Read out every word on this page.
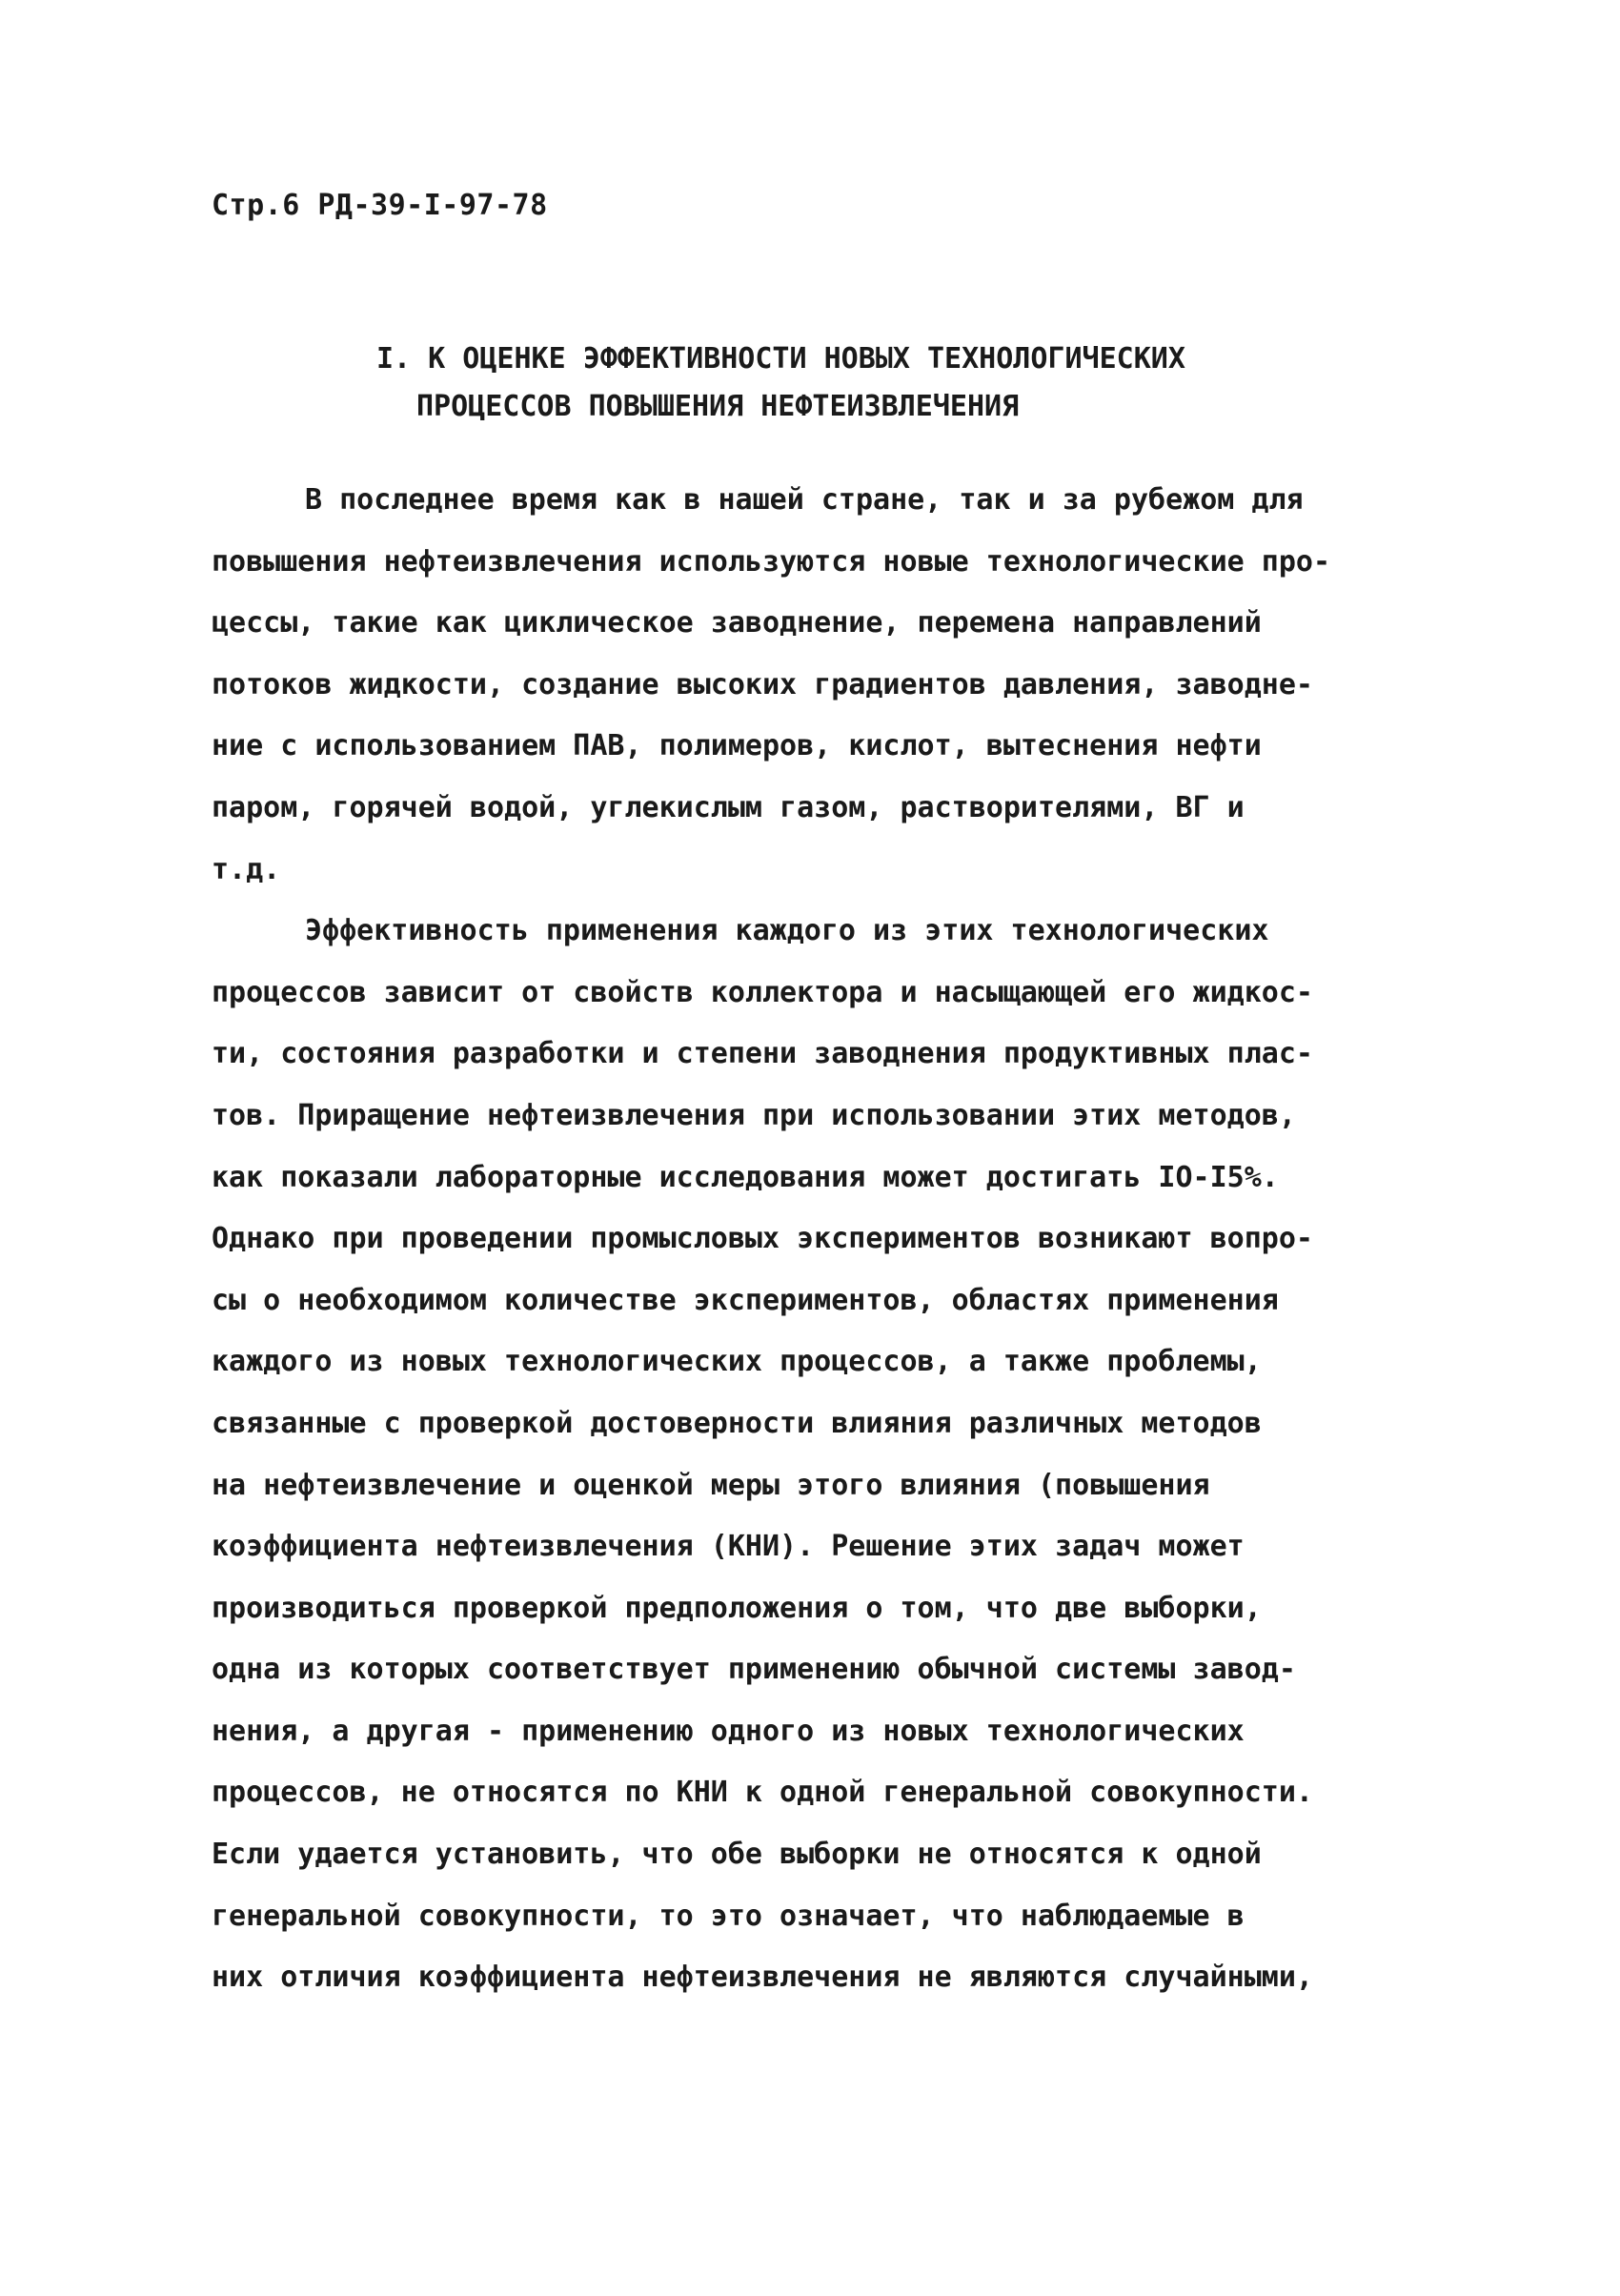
Стр.6 РД-39-I-97-78
I. К ОЦЕНКЕ ЭФФЕКТИВНОСТИ НОВЫХ ТЕХНОЛОГИЧЕСКИХ
ПРОЦЕССОВ ПОВЫШЕНИЯ НЕФТЕИЗВЛЕЧЕНИЯ
В последнее время как в нашей стране, так и за рубежом для
повышения нефтеизвлечения используются новые технологические про-
цессы, такие как циклическое заводнение, перемена направлений
потоков жидкости, создание высоких градиентов давления, заводне-
ние с использованием ПАВ, полимеров, кислот, вытеснения нефти
паром, горячей водой, углекислым газом, растворителями, ВГ и
т.д.
Эффективность применения каждого из этих технологических
процессов зависит от свойств коллектора и насыщающей его жидкос-
ти, состояния разработки и степени заводнения продуктивных плас-
тов. Приращение нефтеизвлечения при использовании этих методов,
как показали лабораторные исследования может достигать IO-I5%.
Однако при проведении промысловых экспериментов возникают вопро-
сы о необходимом количестве экспериментов, областях применения
каждого из новых технологических процессов, а также проблемы,
связанные с проверкой достоверности влияния различных методов
на нефтеизвлечение и оценкой меры этого влияния (повышения
коэффициента нефтеизвлечения (КНИ). Решение этих задач может
производиться проверкой предположения о том, что две выборки,
одна из которых соответствует применению обычной системы завод-
нения, а другая - применению одного из новых технологических
процессов, не относятся по КНИ к одной генеральной совокупности.
Если удается установить, что обе выборки не относятся к одной
генеральной совокупности, то это означает, что наблюдаемые в
них отличия коэффициента нефтеизвлечения не являются случайными,
